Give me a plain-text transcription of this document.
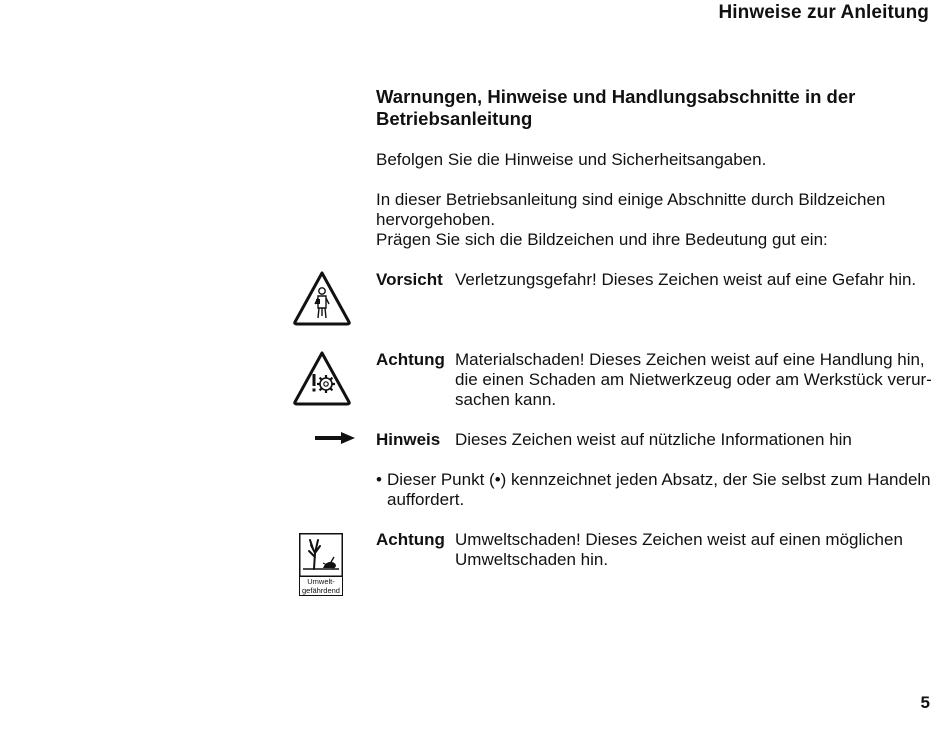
Hinweise zur Anleitung
Warnungen, Hinweise und Handlungsabschnitte in der
Betriebsanleitung
Befolgen Sie die Hinweise und Sicherheitsangaben.
In dieser Betriebsanleitung sind einige Abschnitte durch Bildzeichen
hervorgehoben.
Prägen Sie sich die Bildzeichen und ihre Bedeutung gut ein:
Vorsicht Verletzungsgefahr! Dieses Zeichen weist auf eine Gefahr hin.
Achtung Materialschaden! Dieses Zeichen weist auf eine Handlung hin,
die einen Schaden am Nietwerkzeug oder am Werkstück verur-
sachen kann.
Hinweis Dieses Zeichen weist auf nützliche Informationen hin
• Dieser Punkt (•) kennzeichnet jeden Absatz, der Sie selbst zum Handeln
auffordert.
Umwelt-
gefährdend
Achtung Umweltschaden! Dieses Zeichen weist auf einen möglichen
Umweltschaden hin.
5
